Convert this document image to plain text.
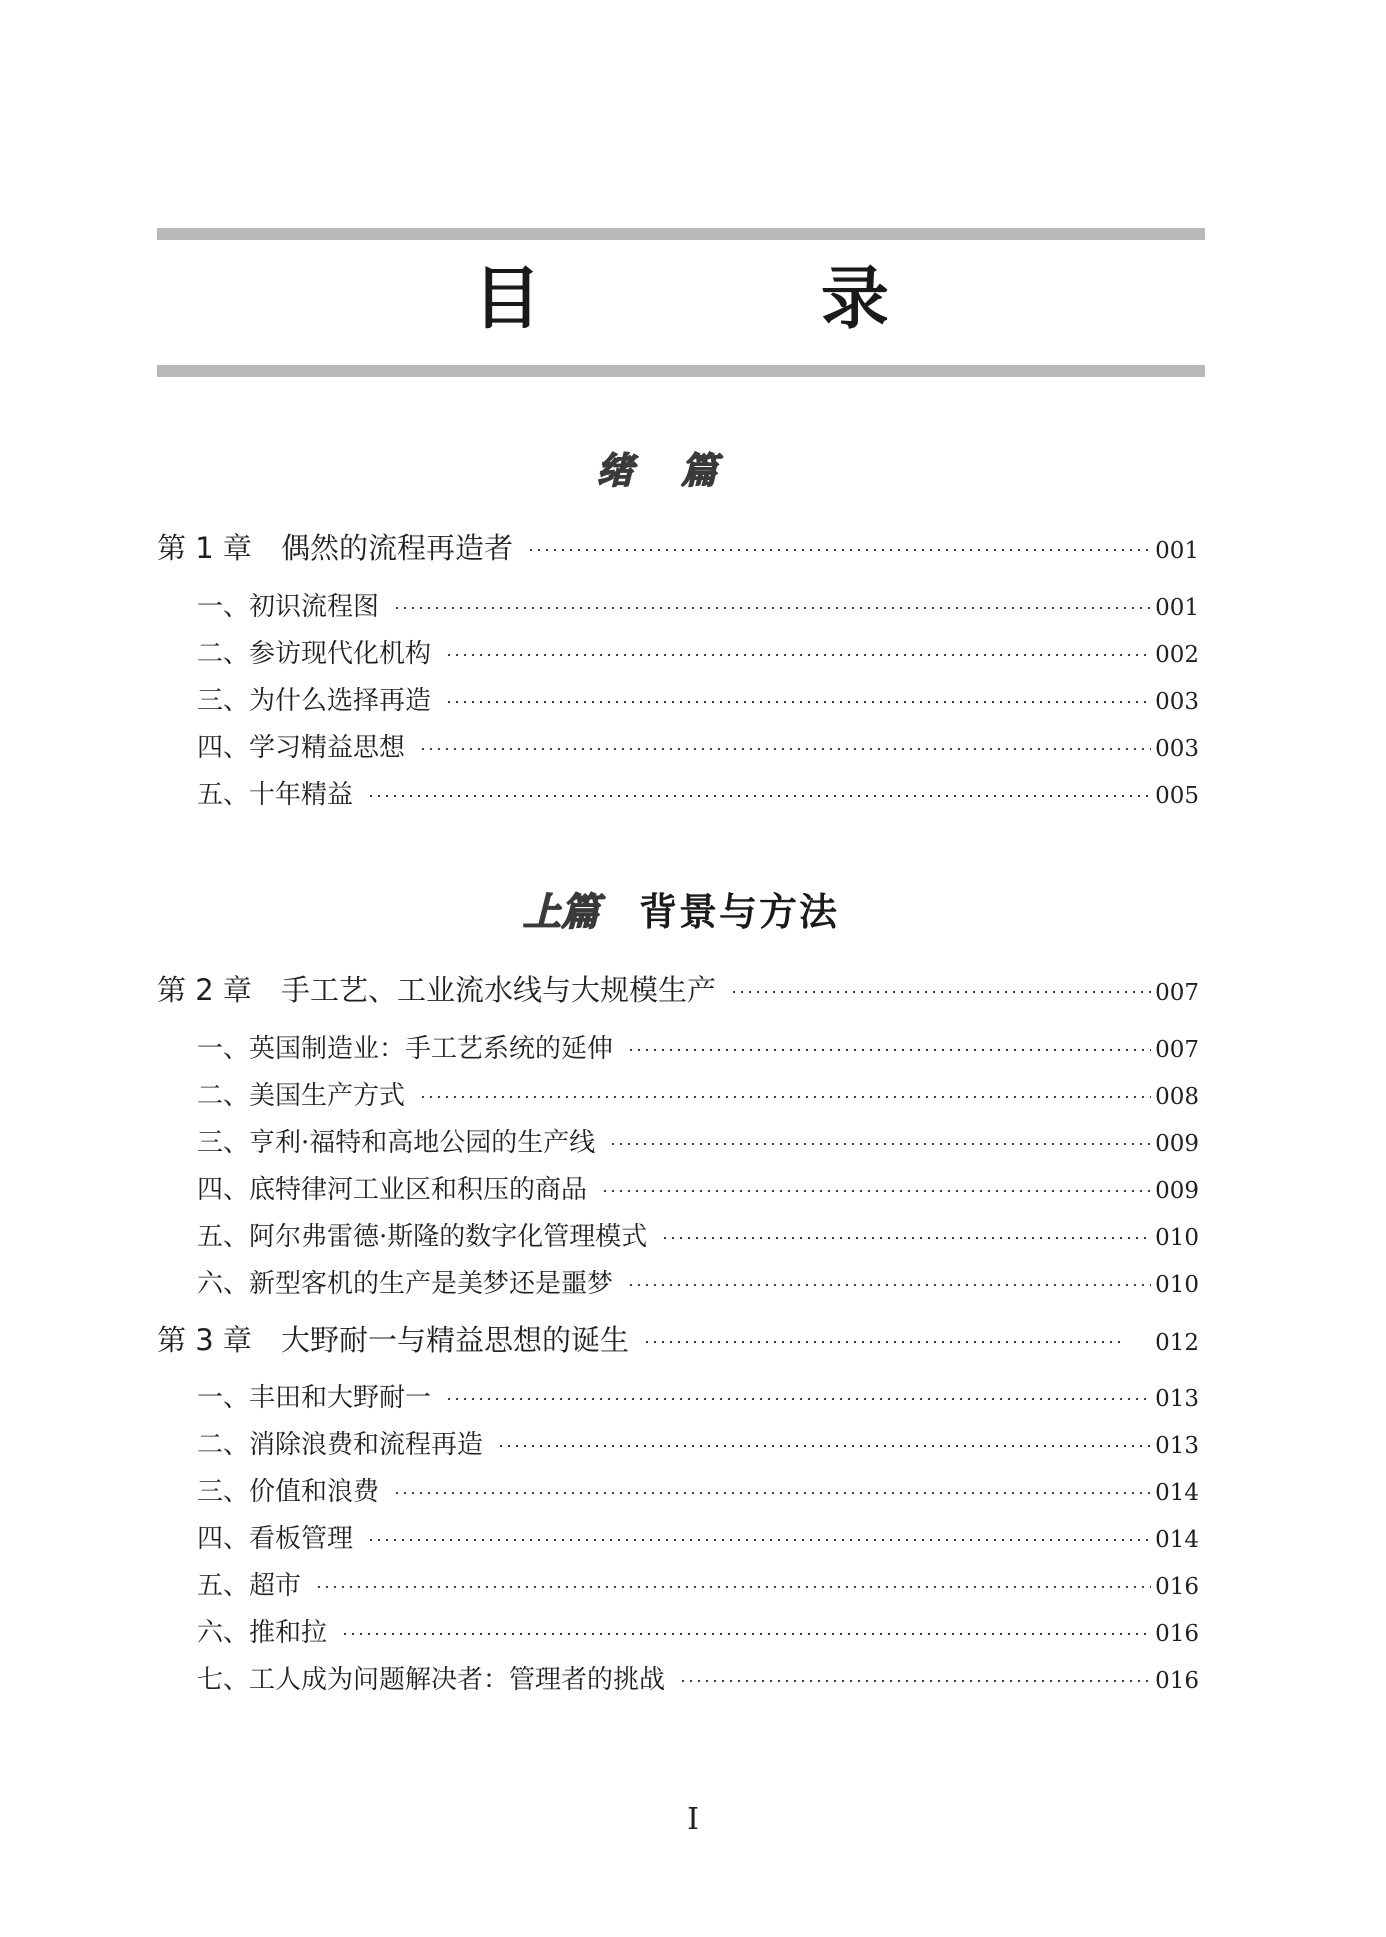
目 录
绪篇
第 1 章 偶然的流程再造者	001
一、初识流程图	001
二、参访现代化机构	002
三、为什么选择再造	003
四、学习精益思想	003
五、十年精益	005
上篇 背景与方法
第 2 章 手工艺、工业流水线与大规模生产	007
一、英国制造业：手工艺系统的延伸	007
二、美国生产方式	008
三、亨利·福特和高地公园的生产线	009
四、底特律河工业区和积压的商品	009
五、阿尔弗雷德·斯隆的数字化管理模式	010
六、新型客机的生产是美梦还是噩梦	010
第 3 章 大野耐一与精益思想的诞生	012
一、丰田和大野耐一	013
二、消除浪费和流程再造	013
三、价值和浪费	014
四、看板管理	014
五、超市	016
六、推和拉	016
七、工人成为问题解决者：管理者的挑战	016
I
